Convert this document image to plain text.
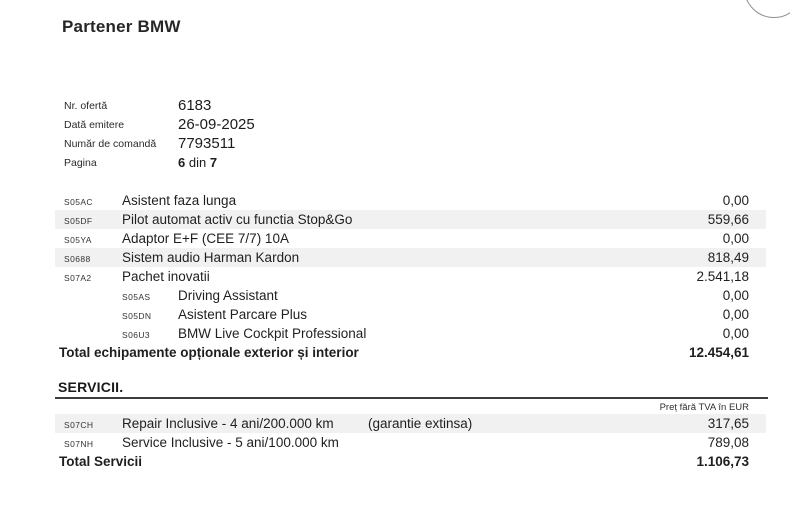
Partener BMW
Nr. ofertă	6183
Dată emitere	26-09-2025
Număr de comandă 7793511
Pagina	6 din 7
S05AC Asistent faza lunga	0,00
S05DF Pilot automat activ cu functia Stop&Go	559,66
S05YA Adaptor E+F (CEE 7/7) 10A	0,00
S0688 Sistem audio Harman Kardon	818,49
S07A2 Pachet inovatii	2.541,18
S05AS Driving Assistant	0,00
S05DN Asistent Parcare Plus	0,00
S06U3 BMW Live Cockpit Professional	0,00
Total echipamente opționale exterior și interior	12.454,61
SERVICII.
Preț fără TVA în EUR
S07CH Repair Inclusive - 4 ani/200.000 km	(garantie extinsa)	317,65
S07NH Service Inclusive - 5 ani/100.000 km	789,08
Total Servicii	1.106,73
